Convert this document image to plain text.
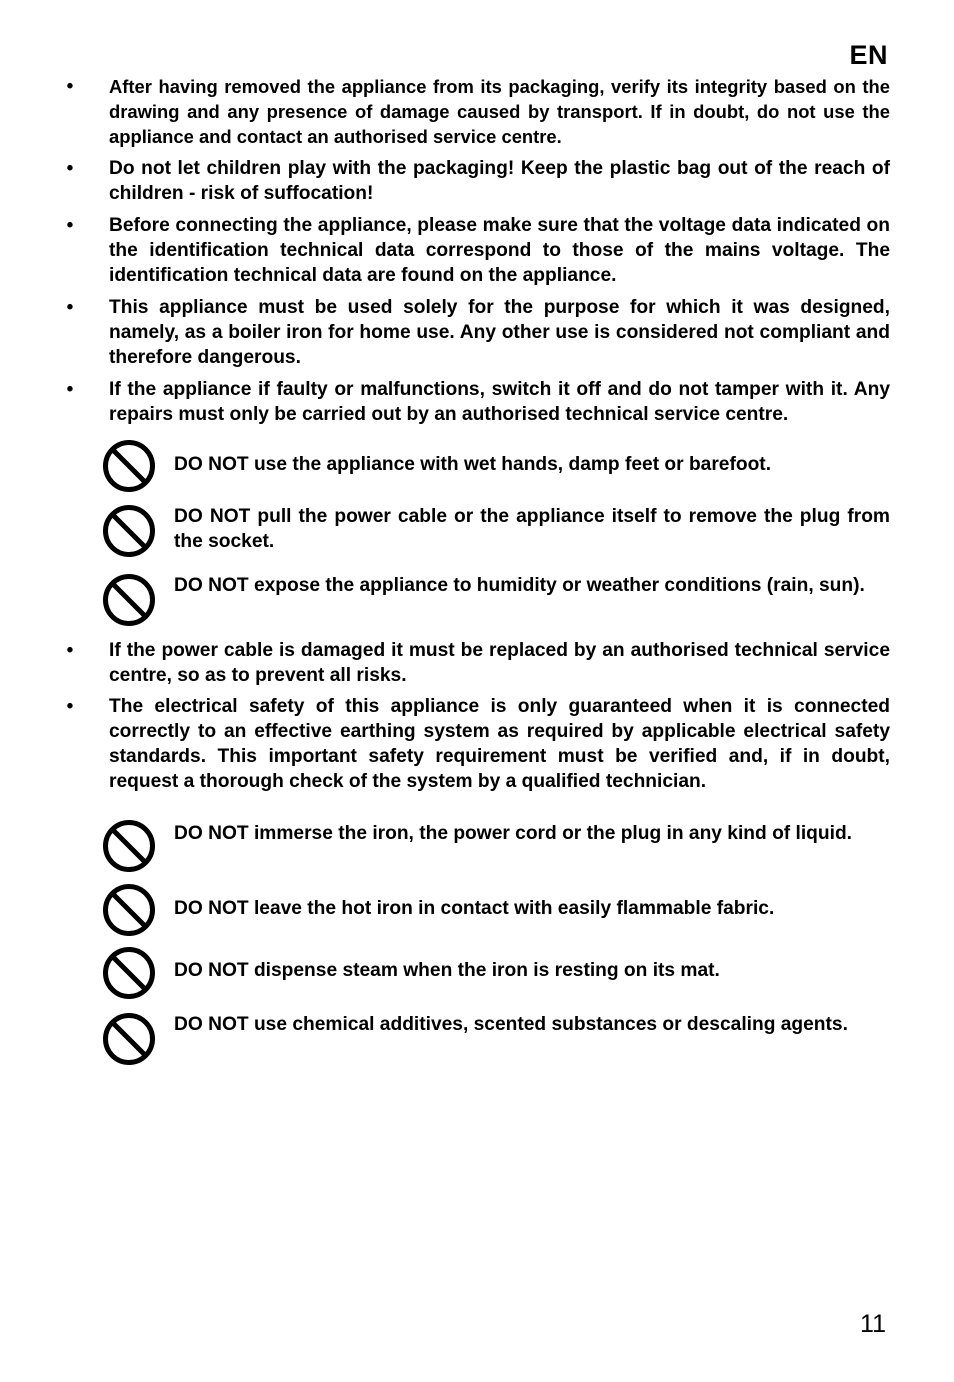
EN
• After having removed the appliance from its packaging, verify its integrity based on the drawing and any presence of damage caused by transport. If in doubt, do not use the appliance and contact an authorised service centre.
• Do not let children play with the packaging! Keep the plastic bag out of the reach of children - risk of suffocation!
• Before connecting the appliance, please make sure that the voltage data indicated on the identification technical data correspond to those of the mains voltage. The identification technical data are found on the appliance.
• This appliance must be used solely for the purpose for which it was designed, namely, as a boiler iron for home use. Any other use is considered not compliant and therefore dangerous.
• If the appliance if faulty or malfunctions, switch it off and do not tamper with it. Any repairs must only be carried out by an authorised technical service centre.
DO NOT use the appliance with wet hands, damp feet or barefoot.
DO NOT pull the power cable or the appliance itself to remove the plug from the socket.
DO NOT expose the appliance to humidity or weather conditions (rain, sun).
• If the power cable is damaged it must be replaced by an authorised technical service centre, so as to prevent all risks.
• The electrical safety of this appliance is only guaranteed when it is connected correctly to an effective earthing system as required by applicable electrical safety standards. This important safety requirement must be verified and, if in doubt, request a thorough check of the system by a qualified technician.
DO NOT immerse the iron, the power cord or the plug in any kind of liquid.
DO NOT leave the hot iron in contact with easily flammable fabric.
DO NOT dispense steam when the iron is resting on its mat.
DO NOT use chemical additives, scented substances or descaling agents.
11
